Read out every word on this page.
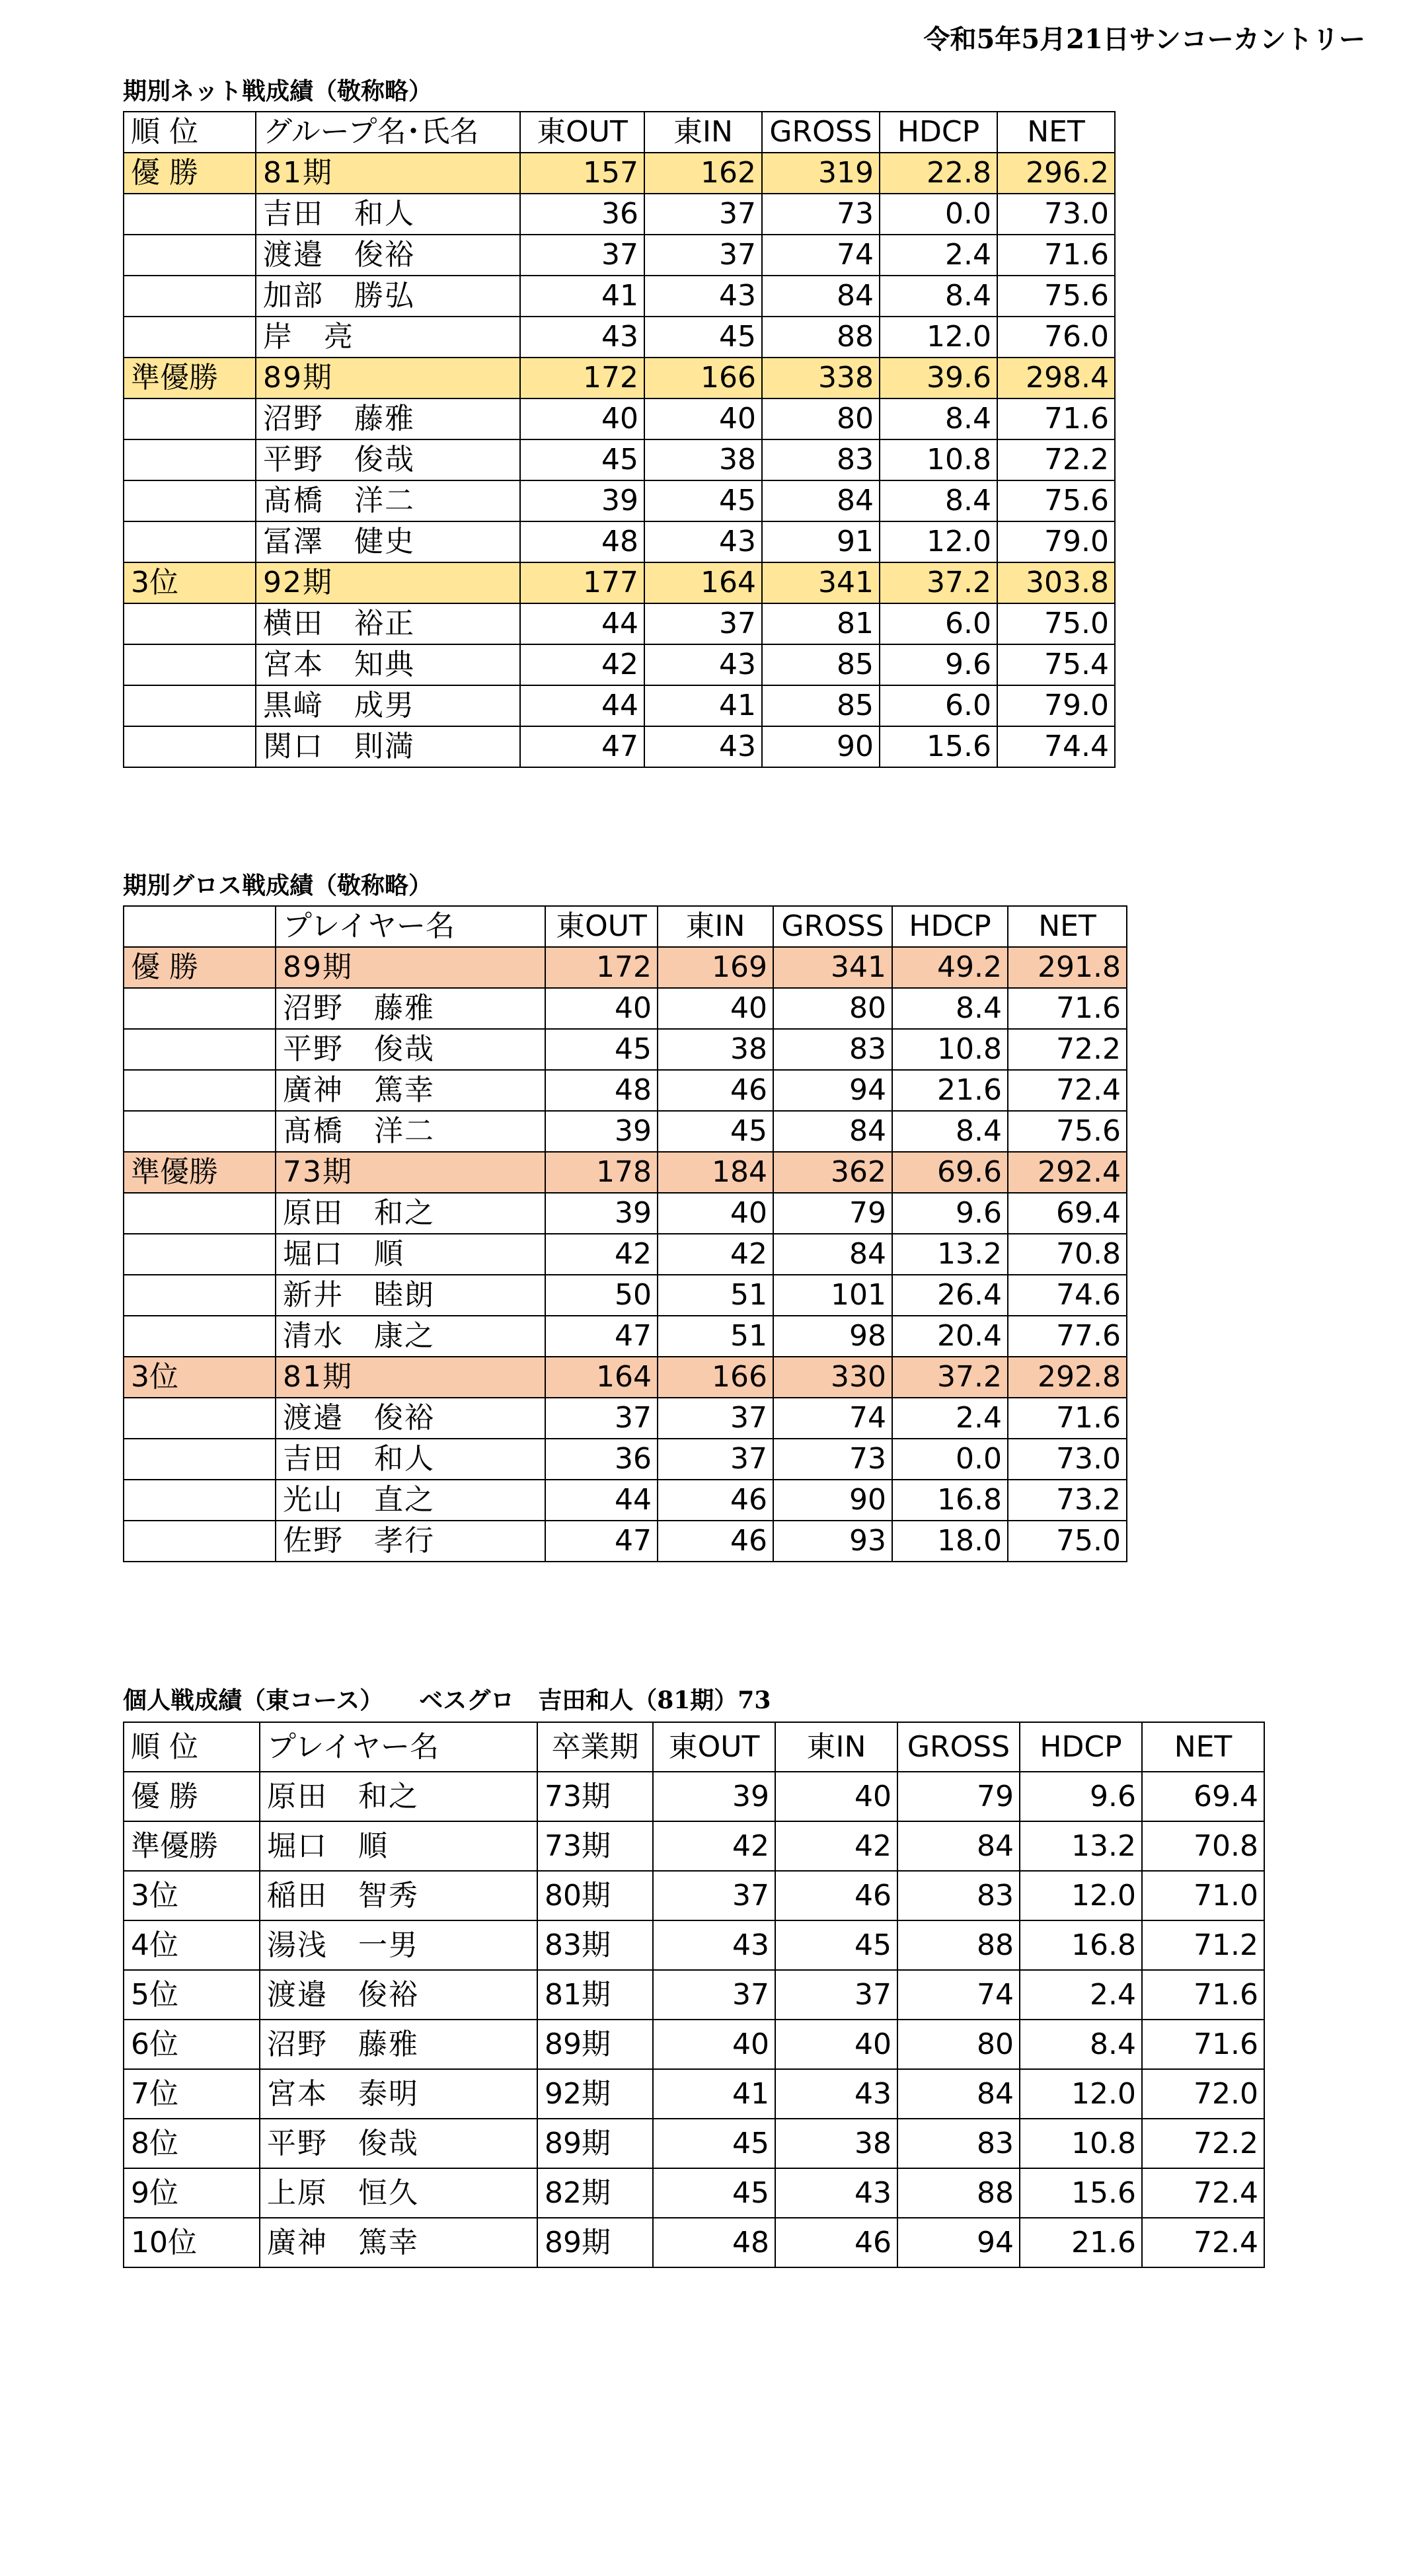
令和5年5月21日サンコーカントリー
期別ネット戦成績（敬称略）
順 位	グループ名･氏名	東OUT	東IN	GROSS	HDCP	NET
優 勝	81期	157	162	319	22.8	296.2
	吉田　和人	36	37	73	0.0	73.0
	渡邉　俊裕	37	37	74	2.4	71.6
	加部　勝弘	41	43	84	8.4	75.6
	岸　亮	43	45	88	12.0	76.0
準優勝	89期	172	166	338	39.6	298.4
	沼野　藤雅	40	40	80	8.4	71.6
	平野　俊哉	45	38	83	10.8	72.2
	髙橋　洋二	39	45	84	8.4	75.6
	冨澤　健史	48	43	91	12.0	79.0
3位	92期	177	164	341	37.2	303.8
	横田　裕正	44	37	81	6.0	75.0
	宮本　知典	42	43	85	9.6	75.4
	黒﨑　成男	44	41	85	6.0	79.0
	関口　則満	47	43	90	15.6	74.4
期別グロス戦成績（敬称略）
	プレイヤー名	東OUT	東IN	GROSS	HDCP	NET
優 勝	89期	172	169	341	49.2	291.8
	沼野　藤雅	40	40	80	8.4	71.6
	平野　俊哉	45	38	83	10.8	72.2
	廣神　篤幸	48	46	94	21.6	72.4
	髙橋　洋二	39	45	84	8.4	75.6
準優勝	73期	178	184	362	69.6	292.4
	原田　和之	39	40	79	9.6	69.4
	堀口　順	42	42	84	13.2	70.8
	新井　睦朗	50	51	101	26.4	74.6
	清水　康之	47	51	98	20.4	77.6
3位	81期	164	166	330	37.2	292.8
	渡邉　俊裕	37	37	74	2.4	71.6
	吉田　和人	36	37	73	0.0	73.0
	光山　直之	44	46	90	16.8	73.2
	佐野　孝行	47	46	93	18.0	75.0
個人戦成績（東コース）　　ベスグロ　吉田和人（81期）73
順 位	プレイヤー名	卒業期	東OUT	東IN	GROSS	HDCP	NET
優 勝	原田　和之	73期	39	40	79	9.6	69.4
準優勝	堀口　順	73期	42	42	84	13.2	70.8
3位	稲田　智秀	80期	37	46	83	12.0	71.0
4位	湯浅　一男	83期	43	45	88	16.8	71.2
5位	渡邉　俊裕	81期	37	37	74	2.4	71.6
6位	沼野　藤雅	89期	40	40	80	8.4	71.6
7位	宮本　泰明	92期	41	43	84	12.0	72.0
8位	平野　俊哉	89期	45	38	83	10.8	72.2
9位	上原　恒久	82期	45	43	88	15.6	72.4
10位	廣神　篤幸	89期	48	46	94	21.6	72.4
